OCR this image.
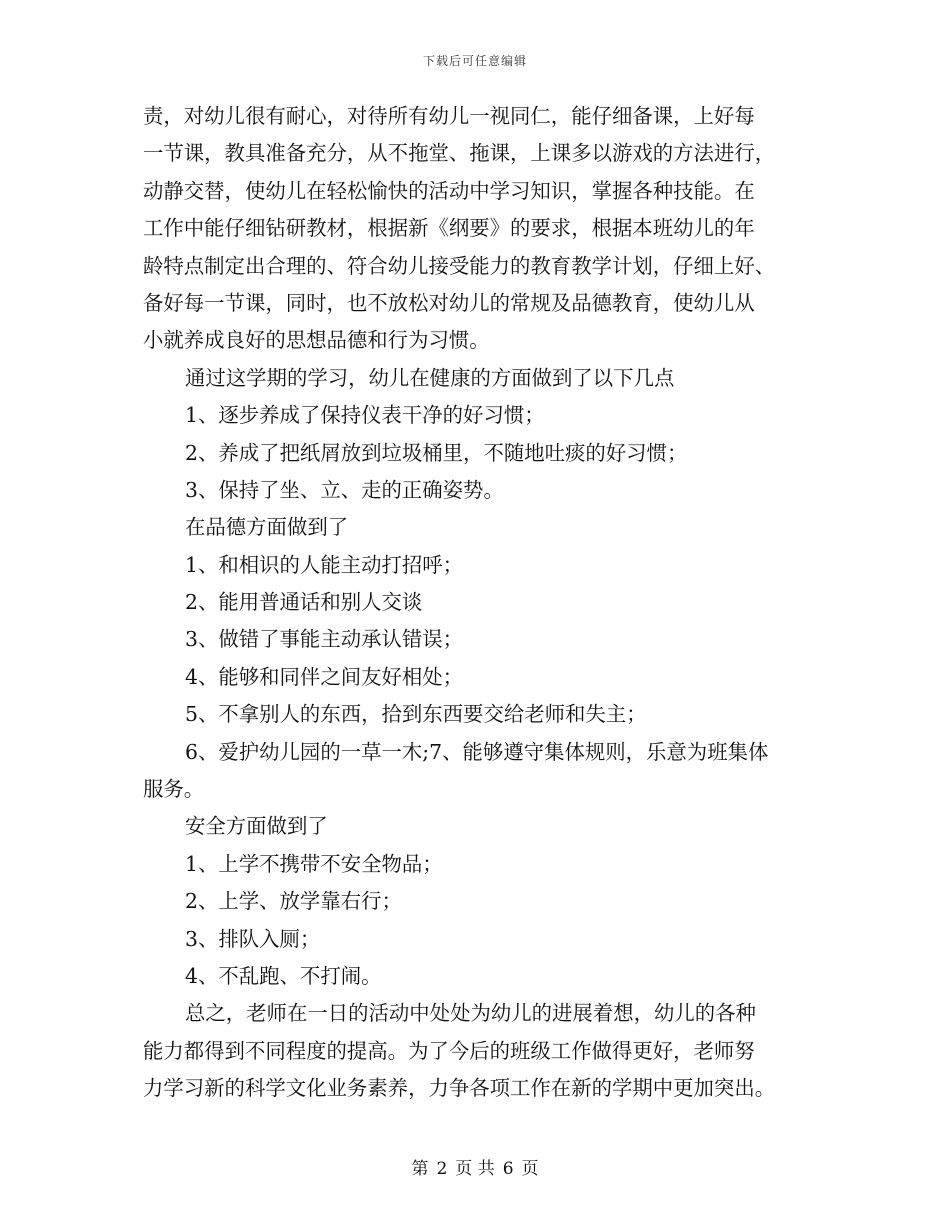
下载后可任意编辑
责，对幼儿很有耐心，对待所有幼儿一视同仁，能仔细备课，上好每
一节课，教具准备充分，从不拖堂、拖课，上课多以游戏的方法进行，
动静交替，使幼儿在轻松愉快的活动中学习知识，掌握各种技能。在
工作中能仔细钻研教材，根据新《纲要》的要求，根据本班幼儿的年
龄特点制定出合理的、符合幼儿接受能力的教育教学计划，仔细上好、
备好每一节课，同时，也不放松对幼儿的常规及品德教育，使幼儿从
小就养成良好的思想品德和行为习惯。
通过这学期的学习，幼儿在健康的方面做到了以下几点
1、逐步养成了保持仪表干净的好习惯；
2、养成了把纸屑放到垃圾桶里，不随地吐痰的好习惯；
3、保持了坐、立、走的正确姿势。
在品德方面做到了
1、和相识的人能主动打招呼；
2、能用普通话和别人交谈
3、做错了事能主动承认错误；
4、能够和同伴之间友好相处；
5、不拿别人的东西，拾到东西要交给老师和失主；
6、爱护幼儿园的一草一木;7、能够遵守集体规则，乐意为班集体
服务。
安全方面做到了
1、上学不携带不安全物品；
2、上学、放学靠右行；
3、排队入厕；
4、不乱跑、不打闹。
总之，老师在一日的活动中处处为幼儿的进展着想，幼儿的各种
能力都得到不同程度的提高。为了今后的班级工作做得更好，老师努
力学习新的科学文化业务素养，力争各项工作在新的学期中更加突出。
第 2 页 共 6 页
